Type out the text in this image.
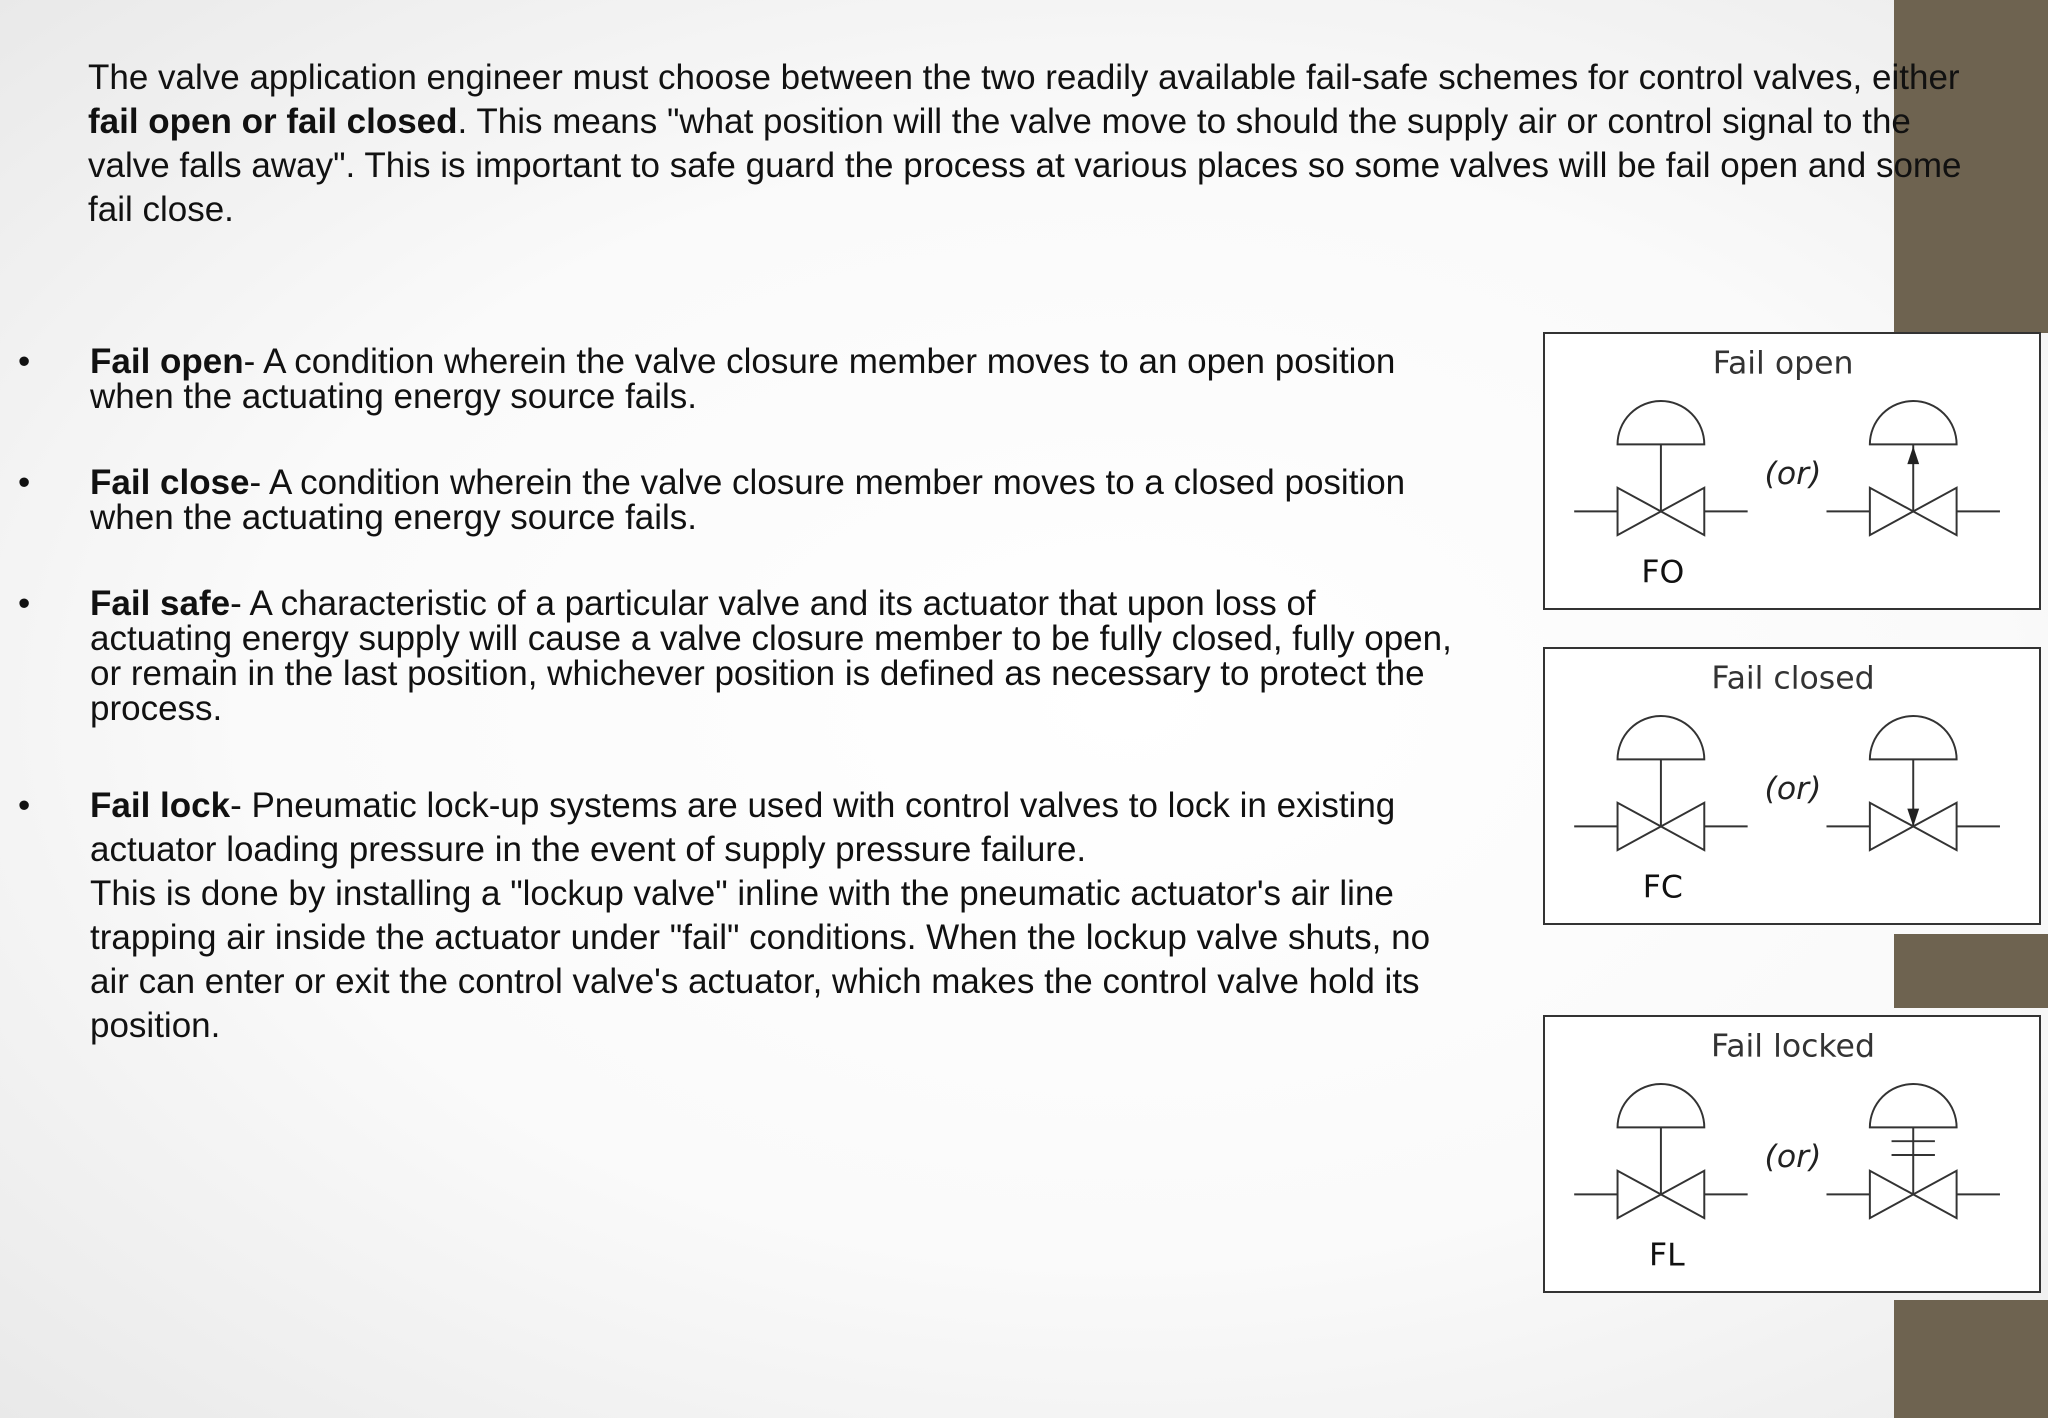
The valve application engineer must choose between the two readily available fail-safe schemes for control valves, either fail open or fail closed. This means "what position will the valve move to should the supply air or control signal to the valve falls away". This is important to safe guard the process at various places so some valves will be fail open and some fail close.

• Fail open- A condition wherein the valve closure member moves to an open position when the actuating energy source fails.
• Fail close- A condition wherein the valve closure member moves to a closed position when the actuating energy source fails.
• Fail safe- A characteristic of a particular valve and its actuator that upon loss of actuating energy supply will cause a valve closure member to be fully closed, fully open, or remain in the last position, whichever position is defined as necessary to protect the process.
• Fail lock- Pneumatic lock-up systems are used with control valves to lock in existing actuator loading pressure in the event of supply pressure failure.
This is done by installing a "lockup valve" inline with the pneumatic actuator's air line trapping air inside the actuator under "fail" conditions. When the lockup valve shuts, no air can enter or exit the control valve's actuator, which makes the control valve hold its position.
Fail open
(or)
FO
Fail closed
(or)
FC
Fail locked
(or)
FL
